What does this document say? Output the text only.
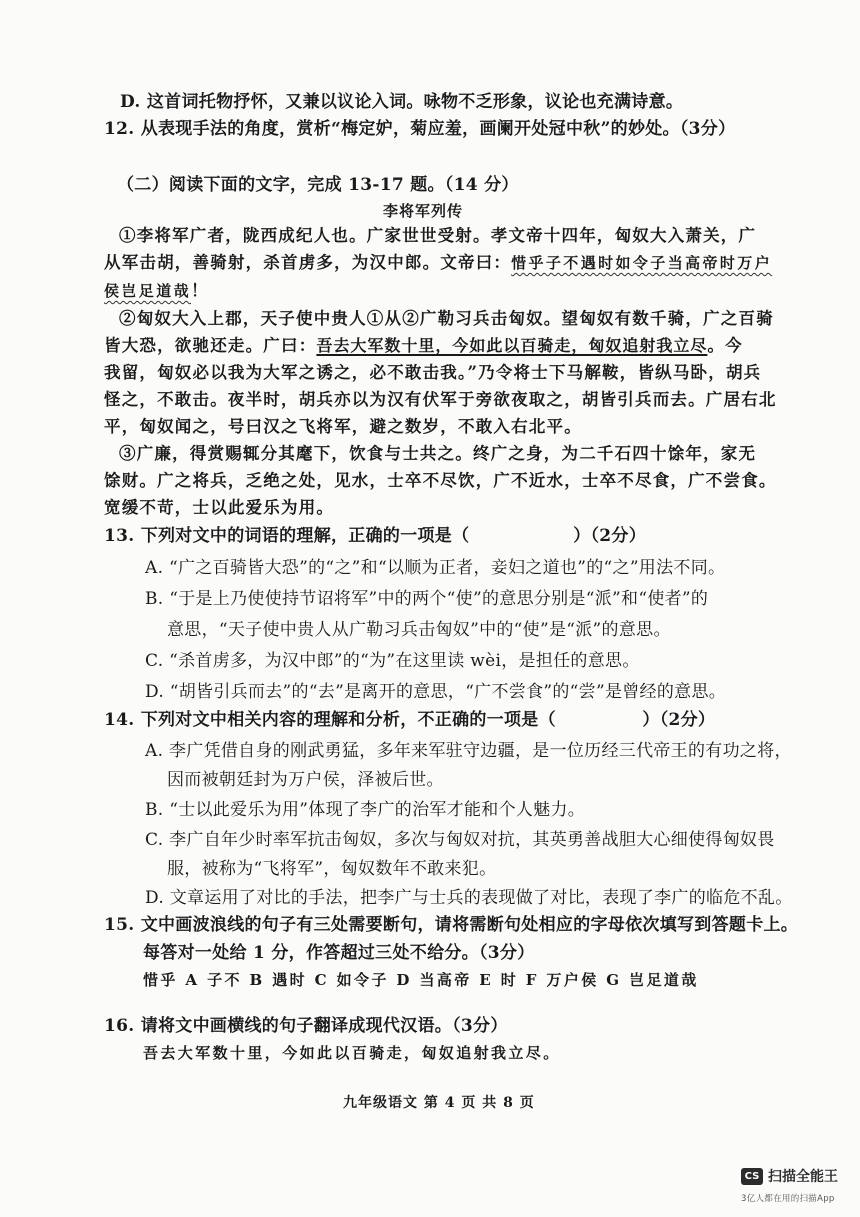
D. 这首词托物抒怀，又兼以议论入词。咏物不乏形象，议论也充满诗意。
12. 从表现手法的角度，赏析“梅定妒，菊应羞，画阑开处冠中秋”的妙处。（3分）
（二）阅读下面的文字，完成 13-17 题。（14 分）
李将军列传
①李将军广者，陇西成纪人也。广家世世受射。孝文帝十四年，匈奴大入萧关，广
从军击胡，善骑射，杀首虏多，为汉中郎。文帝曰：惜乎子不遇时如令子当高帝时万户
侯岂足道哉！
②匈奴大入上郡，天子使中贵人①从②广勒习兵击匈奴。望匈奴有数千骑，广之百骑
皆大恐，欲驰还走。广曰：吾去大军数十里，今如此以百骑走，匈奴追射我立尽。今
我留，匈奴必以我为大军之诱之，必不敢击我。”乃令将士下马解鞍，皆纵马卧，胡兵
怪之，不敢击。夜半时，胡兵亦以为汉有伏军于旁欲夜取之，胡皆引兵而去。广居右北
平，匈奴闻之，号曰汉之飞将军，避之数岁，不敢入右北平。
③广廉，得赏赐辄分其麾下，饮食与士共之。终广之身，为二千石四十馀年，家无
馀财。广之将兵，乏绝之处，见水，士卒不尽饮，广不近水，士卒不尽食，广不尝食。
宽缓不苛，士以此爱乐为用。
13. 下列对文中的词语的理解，正确的一项是（　　　　　　）（2分）
A. “广之百骑皆大恐”的“之”和“以顺为正者，妾妇之道也”的“之”用法不同。
B. “于是上乃使使持节诏将军”中的两个“使”的意思分别是“派”和“使者”的
意思，“天子使中贵人从广勒习兵击匈奴”中的“使”是“派”的意思。
C. “杀首虏多，为汉中郎”的“为”在这里读 wèi，是担任的意思。
D. “胡皆引兵而去”的“去”是离开的意思，“广不尝食”的“尝”是曾经的意思。
14. 下列对文中相关内容的理解和分析，不正确的一项是（　　　　　）（2分）
A. 李广凭借自身的刚武勇猛，多年来军驻守边疆，是一位历经三代帝王的有功之将，
因而被朝廷封为万户侯，泽被后世。
B. “士以此爱乐为用”体现了李广的治军才能和个人魅力。
C. 李广自年少时率军抗击匈奴，多次与匈奴对抗，其英勇善战胆大心细使得匈奴畏
服，被称为“飞将军”，匈奴数年不敢来犯。
D. 文章运用了对比的手法，把李广与士兵的表现做了对比，表现了李广的临危不乱。
15. 文中画波浪线的句子有三处需要断句，请将需断句处相应的字母依次填写到答题卡上。
每答对一处给 1 分，作答超过三处不给分。（3分）
惜乎 A 子不 B 遇时 C 如令子 D 当高帝 E 时 F 万户侯 G 岂足道哉
16. 请将文中画横线的句子翻译成现代汉语。（3分）
吾去大军数十里，今如此以百骑走，匈奴追射我立尽。
九年级语文 第 4 页 共 8 页
CS 扫描全能王
3亿人都在用的扫描App
